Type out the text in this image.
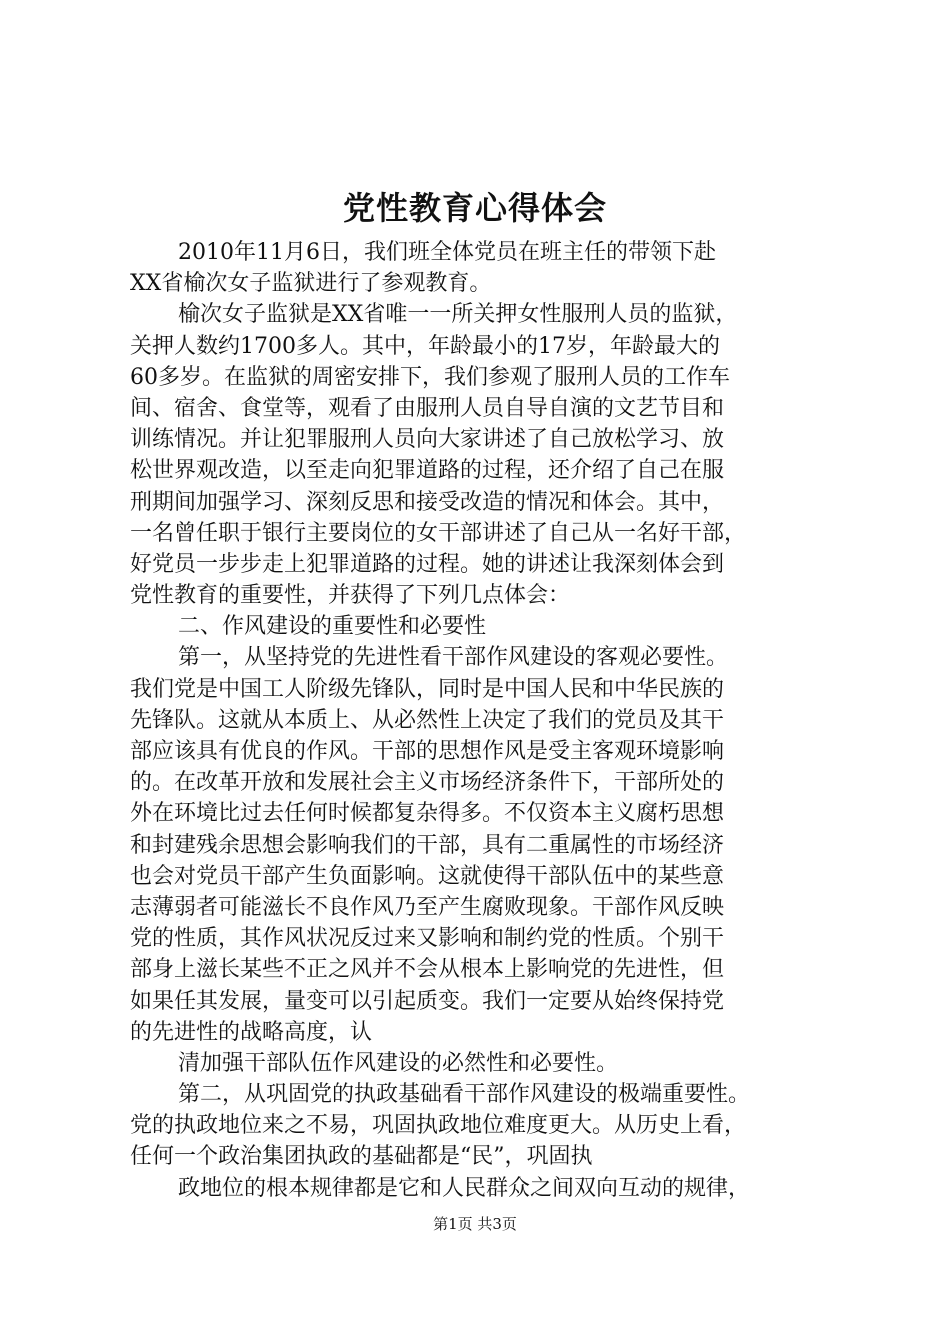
党性教育心得体会
2010年11月6日，我们班全体党员在班主任的带领下赴
XX省榆次女子监狱进行了参观教育。
榆次女子监狱是XX省唯一一所关押女性服刑人员的监狱，
关押人数约1700多人。其中，年龄最小的17岁，年龄最大的
60多岁。在监狱的周密安排下，我们参观了服刑人员的工作车
间、宿舍、食堂等，观看了由服刑人员自导自演的文艺节目和
训练情况。并让犯罪服刑人员向大家讲述了自己放松学习、放
松世界观改造，以至走向犯罪道路的过程，还介绍了自己在服
刑期间加强学习、深刻反思和接受改造的情况和体会。其中，
一名曾任职于银行主要岗位的女干部讲述了自己从一名好干部，
好党员一步步走上犯罪道路的过程。她的讲述让我深刻体会到
党性教育的重要性，并获得了下列几点体会：
二、作风建设的重要性和必要性
第一，从坚持党的先进性看干部作风建设的客观必要性。
我们党是中国工人阶级先锋队，同时是中国人民和中华民族的
先锋队。这就从本质上、从必然性上决定了我们的党员及其干
部应该具有优良的作风。干部的思想作风是受主客观环境影响
的。在改革开放和发展社会主义市场经济条件下，干部所处的
外在环境比过去任何时候都复杂得多。不仅资本主义腐朽思想
和封建残余思想会影响我们的干部，具有二重属性的市场经济
也会对党员干部产生负面影响。这就使得干部队伍中的某些意
志薄弱者可能滋长不良作风乃至产生腐败现象。干部作风反映
党的性质，其作风状况反过来又影响和制约党的性质。个别干
部身上滋长某些不正之风并不会从根本上影响党的先进性，但
如果任其发展，量变可以引起质变。我们一定要从始终保持党
的先进性的战略高度，认
清加强干部队伍作风建设的必然性和必要性。
第二，从巩固党的执政基础看干部作风建设的极端重要性。
党的执政地位来之不易，巩固执政地位难度更大。从历史上看，
任何一个政治集团执政的基础都是“民”，巩固执
政地位的根本规律都是它和人民群众之间双向互动的规律，
第1页 共3页
